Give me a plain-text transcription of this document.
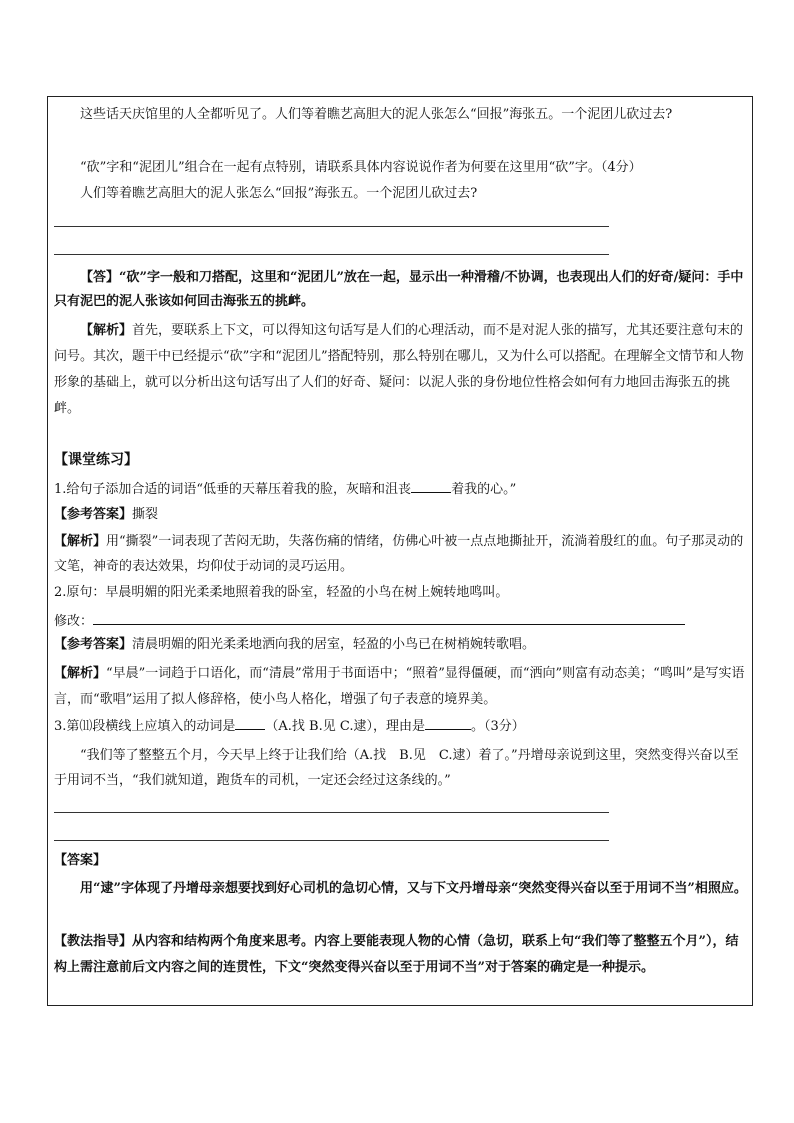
这些话天庆馆里的人全都听见了。人们等着瞧艺高胆大的泥人张怎么“回报”海张五。一个泥团儿砍过去?
“砍”字和“泥团儿”组合在一起有点特别，请联系具体内容说说作者为何要在这里用“砍”字。（4分）
人们等着瞧艺高胆大的泥人张怎么“回报”海张五。一个泥团儿砍过去?
【答】“砍”字一般和刀搭配，这里和“泥团儿”放在一起，显示出一种滑稽/不协调，也表现出人们的好奇/疑问：手中只有泥巴的泥人张该如何回击海张五的挑衅。
【解析】首先，要联系上下文，可以得知这句话写是人们的心理活动，而不是对泥人张的描写，尤其还要注意句末的问号。其次，题干中已经提示“砍”字和“泥团儿”搭配特别，那么特别在哪儿，又为什么可以搭配。在理解全文情节和人物形象的基础上，就可以分析出这句话写出了人们的好奇、疑问：以泥人张的身份地位性格会如何有力地回击海张五的挑衅。
【课堂练习】
1.给句子添加合适的词语“低垂的天幕压着我的脸，灰暗和沮丧	着我的心。”
【参考答案】撕裂
【解析】用“撕裂”一词表现了苦闷无助，失落伤痛的情绪，仿佛心叶被一点点地撕扯开，流淌着殷红的血。句子那灵动的文笔，神奇的表达效果，均仰仗于动词的灵巧运用。
2.原句：早晨明媚的阳光柔柔地照着我的卧室，轻盈的小鸟在树上婉转地鸣叫。
修改：
【参考答案】清晨明媚的阳光柔柔地洒向我的居室，轻盈的小鸟已在树梢婉转歌唱。
【解析】“早晨”一词趋于口语化，而“清晨”常用于书面语中；“照着”显得僵硬，而“洒向”则富有动态美；“鸣叫”是写实语言，而“歌唱”运用了拟人修辞格，使小鸟人格化，增强了句子表意的境界美。
3.第⑾段横线上应填入的动词是 （A.找 B.见 C.逮），理由是	。（3分）
“我们等了整整五个月，今天早上终于让我们给（A.找　B.见　C.逮）着了。”丹增母亲说到这里，突然变得兴奋以至于用词不当，“我们就知道，跑货车的司机，一定还会经过这条线的。”
【答案】
用“逮”字体现了丹增母亲想要找到好心司机的急切心情，又与下文丹增母亲“突然变得兴奋以至于用词不当”相照应。
【教法指导】从内容和结构两个角度来思考。内容上要能表现人物的心情（急切，联系上句“我们等了整整五个月”），结构上需注意前后文内容之间的连贯性，下文“突然变得兴奋以至于用词不当”对于答案的确定是一种提示。
